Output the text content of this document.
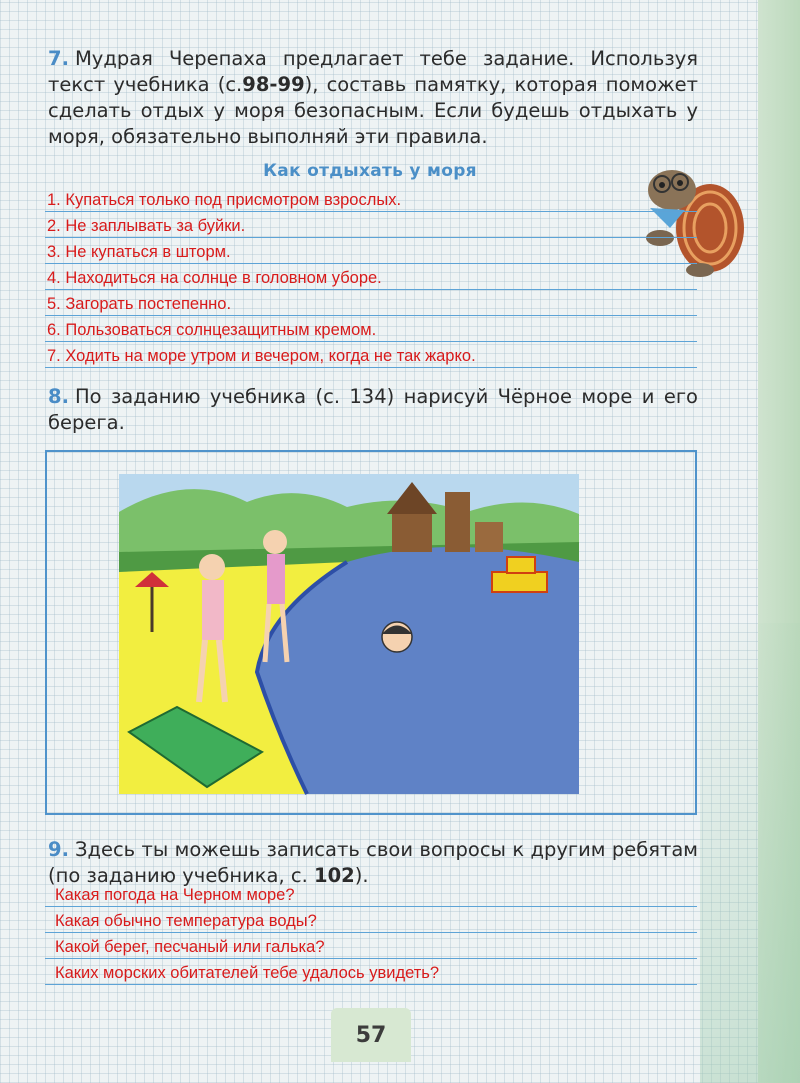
7. Мудрая Черепаха предлагает тебе задание. Используя текст учебника (с.98-99), составь памятку, которая поможет сделать отдых у моря безопасным. Если будешь отдыхать у моря, обязательно выполняй эти правила.
Как отдыхать у моря
1. Купаться только под присмотром взрослых.
2. Не заплывать за буйки.
3. Не купаться в шторм.
4. Находиться на солнце в головном уборе.
5. Загорать постепенно.
6. Пользоваться солнцезащитным кремом.
7. Ходить на море утром и вечером, когда не так жарко.
8. По заданию учебника (с. 134) нарисуй Чёрное море и его берега.
9. Здесь ты можешь записать свои вопросы к другим ребятам (по заданию учебника, с. 102).
Какая погода на Черном море?
Какая обычно температура воды?
Какой берег, песчаный или галька?
Каких морских обитателей тебе удалось увидеть?
57
